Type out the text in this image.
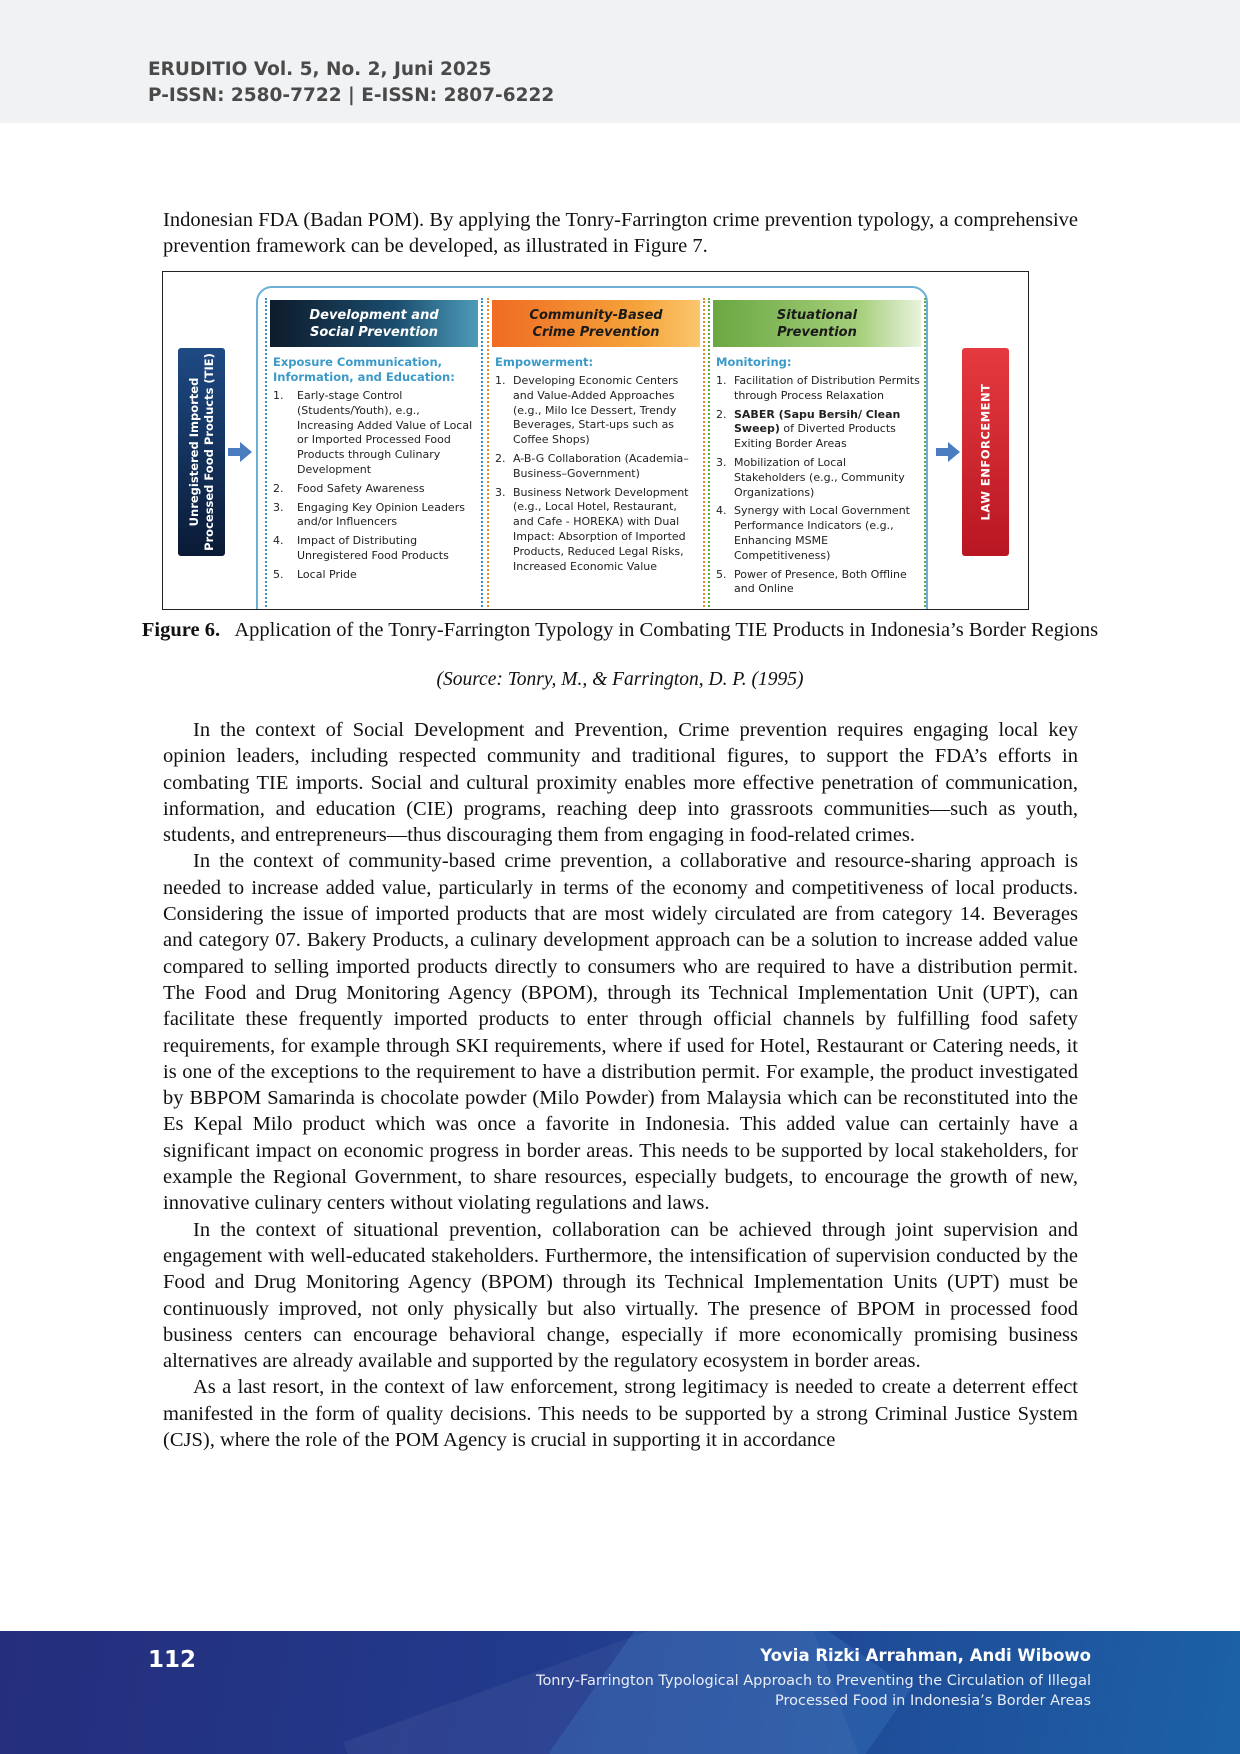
ERUDITIO Vol. 5, No. 2, Juni 2025
P-ISSN: 2580-7722 | E-ISSN: 2807-6222

Indonesian FDA (Badan POM). By applying the Tonry-Farrington crime prevention typology, a comprehensive prevention framework can be developed, as illustrated in Figure 7.

Unregistered Imported Processed Food Products (TIE)
Development and
Social Prevention
Exposure Communication, Information, and Education:
1.	Early-stage Control (Students/Youth), e.g., Increasing Added Value of Local or Imported Processed Food Products through Culinary Development
2.	Food Safety Awareness
3.	Engaging Key Opinion Leaders and/or Influencers
4.	Impact of Distributing Unregistered Food Products
5.	Local Pride
Community-Based
Crime Prevention
Empowerment:
1. Developing Economic Centers and Value-Added Approaches (e.g., Milo Ice Dessert, Trendy Beverages, Start-ups such as Coffee Shops)
2. A-B-G Collaboration (Academia–Business–Government)
3. Business Network Development (e.g., Local Hotel, Restaurant, and Cafe - HOREKA) with Dual Impact: Absorption of Imported Products, Reduced Legal Risks, Increased Economic Value
Situational
Prevention
Monitoring:
1. Facilitation of Distribution Permits through Process Relaxation
2. SABER (Sapu Bersih/ Clean Sweep) of Diverted Products Exiting Border Areas
3. Mobilization of Local Stakeholders (e.g., Community Organizations)
4. Synergy with Local Government Performance Indicators (e.g., Enhancing MSME Competitiveness)
5. Power of Presence, Both Offline and Online
LAW ENFORCEMENT
Figure 6. Application of the Tonry-Farrington Typology in Combating TIE Products in Indonesia’s Border Regions
(Source: Tonry, M., & Farrington, D. P. (1995)

In the context of Social Development and Prevention, Crime prevention requires engaging local key opinion leaders, including respected community and traditional figures, to support the FDA’s efforts in combating TIE imports. Social and cultural proximity enables more effective penetration of communication, information, and education (CIE) programs, reaching deep into grassroots communities—such as youth, students, and entrepreneurs—thus discouraging them from engaging in food-related crimes.

In the context of community-based crime prevention, a collaborative and resource-sharing approach is needed to increase added value, particularly in terms of the economy and competitiveness of local products. Considering the issue of imported products that are most widely circulated are from category 14. Beverages and category 07. Bakery Products, a culinary development approach can be a solution to increase added value compared to selling imported products directly to consumers who are required to have a distribution permit. The Food and Drug Monitoring Agency (BPOM), through its Technical Implementation Unit (UPT), can facilitate these frequently imported products to enter through official channels by fulfilling food safety requirements, for example through SKI requirements, where if used for Hotel, Restaurant or Catering needs, it is one of the exceptions to the requirement to have a distribution permit. For example, the product investigated by BBPOM Samarinda is chocolate powder (Milo Powder) from Malaysia which can be reconstituted into the Es Kepal Milo product which was once a favorite in Indonesia. This added value can certainly have a significant impact on economic progress in border areas. This needs to be supported by local stakeholders, for example the Regional Government, to share resources, especially budgets, to encourage the growth of new, innovative culinary centers without violating regulations and laws.

In the context of situational prevention, collaboration can be achieved through joint supervision and engagement with well-educated stakeholders. Furthermore, the intensification of supervision conducted by the Food and Drug Monitoring Agency (BPOM) through its Technical Implementation Units (UPT) must be continuously improved, not only physically but also virtually. The presence of BPOM in processed food business centers can encourage behavioral change, especially if more economically promising business alternatives are already available and supported by the regulatory ecosystem in border areas.

As a last resort, in the context of law enforcement, strong legitimacy is needed to create a deterrent effect manifested in the form of quality decisions. This needs to be supported by a strong Criminal Justice System (CJS), where the role of the POM Agency is crucial in supporting it in accordance

112	Yovia Rizki Arrahman, Andi Wibowo
Tonry-Farrington Typological Approach to Preventing the Circulation of Illegal Processed Food in Indonesia’s Border Areas
